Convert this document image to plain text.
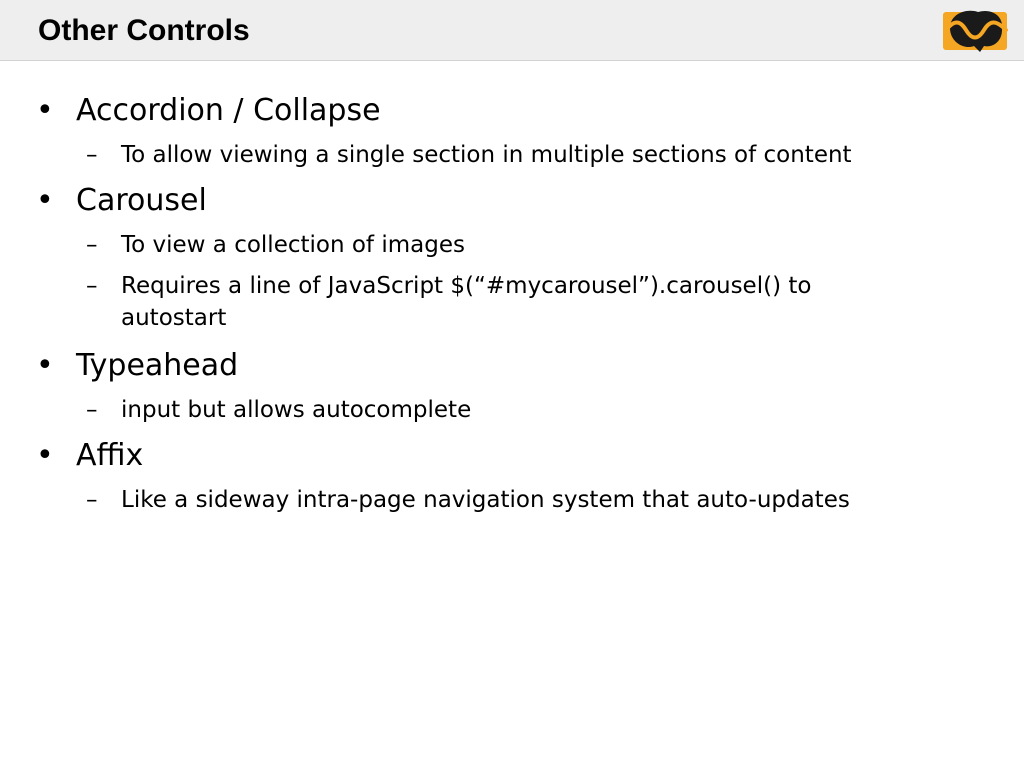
Other Controls
• Accordion / Collapse
–	To allow viewing a single section in multiple sections of content
• Carousel
–	To view a collection of images
–	Requires a line of JavaScript $(“#mycarousel”).carousel() to autostart
• Typeahead
–	input but allows autocomplete
• Affix
–	Like a sideway intra-page navigation system that auto-updates
